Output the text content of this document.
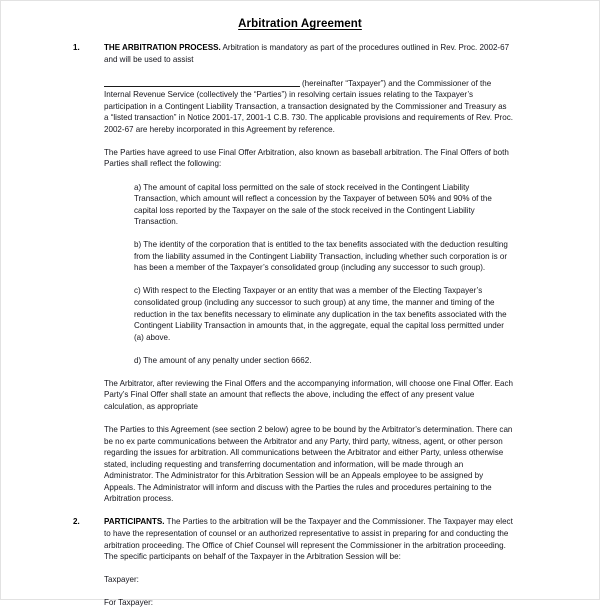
Arbitration Agreement
1.	THE ARBITRATION PROCESS. Arbitration is mandatory as part of the procedures outlined in Rev. Proc. 2002-67 and will be used to assist

(hereinafter “Taxpayer”) and the Commissioner of the Internal Revenue Service (collectively the “Parties”) in resolving certain issues relating to the Taxpayer’s participation in a Contingent Liability Transaction, a transaction designated by the Commissioner and Treasury as a “listed transaction” in Notice 2001-17, 2001-1 C.B. 730. The applicable provisions and requirements of Rev. Proc. 2002-67 are hereby incorporated in this Agreement by reference.

The Parties have agreed to use Final Offer Arbitration, also known as baseball arbitration. The Final Offers of both Parties shall reflect the following:

a) The amount of capital loss permitted on the sale of stock received in the Contingent Liability Transaction, which amount will reflect a concession by the Taxpayer of between 50% and 90% of the capital loss reported by the Taxpayer on the sale of the stock received in the Contingent Liability Transaction.

b) The identity of the corporation that is entitled to the tax benefits associated with the deduction resulting from the liability assumed in the Contingent Liability Transaction, including whether such corporation is or has been a member of the Taxpayer’s consolidated group (including any successor to such group).

c) With respect to the Electing Taxpayer or an entity that was a member of the Electing Taxpayer’s consolidated group (including any successor to such group) at any time, the manner and timing of the reduction in the tax benefits necessary to eliminate any duplication in the tax benefits associated with the Contingent Liability Transaction in amounts that, in the aggregate, equal the capital loss permitted under (a) above.

d) The amount of any penalty under section 6662.

The Arbitrator, after reviewing the Final Offers and the accompanying information, will choose one Final Offer. Each Party’s Final Offer shall state an amount that reflects the above, including the effect of any present value calculation, as appropriate

The Parties to this Agreement (see section 2 below) agree to be bound by the Arbitrator’s determination. There can be no ex parte communications between the Arbitrator and any Party, third party, witness, agent, or other person regarding the issues for arbitration. All communications between the Arbitrator and either Party, unless otherwise stated, including requesting and transferring documentation and information, will be made through an Administrator. The Administrator for this Arbitration Session will be an Appeals employee to be assigned by Appeals. The Administrator will inform and discuss with the Parties the rules and procedures pertaining to the Arbitration process.

2.	PARTICIPANTS. The Parties to the arbitration will be the Taxpayer and the Commissioner. The Taxpayer may elect to have the representation of counsel or an authorized representative to assist in preparing for and conducting the arbitration proceeding. The Office of Chief Counsel will represent the Commissioner in the arbitration proceeding. The specific participants on behalf of the Taxpayer in the Arbitration Session will be:

Taxpayer:

For Taxpayer:
